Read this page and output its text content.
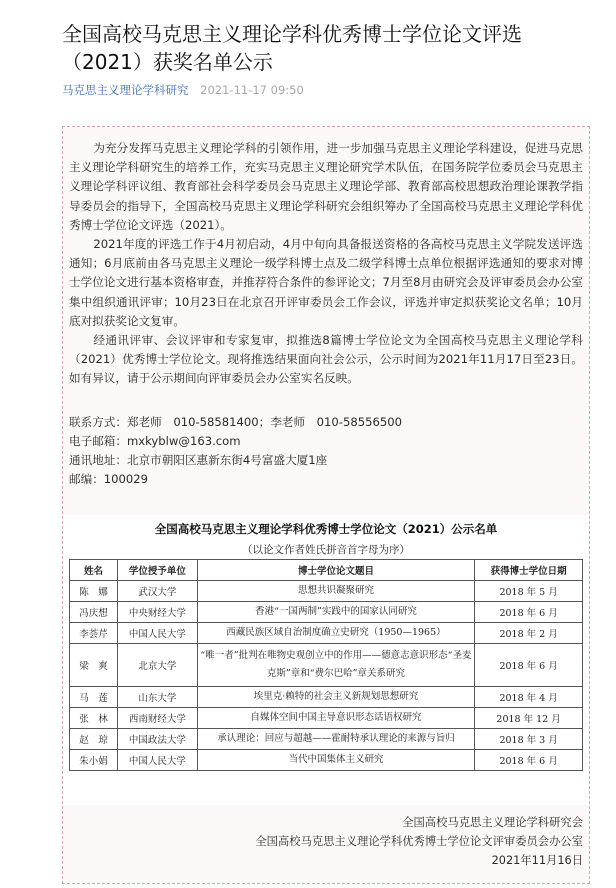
全国高校马克思主义理论学科优秀博士学位论文评选（2021）获奖名单公示
马克思主义理论学科研究 2021-11-17 09:50

为充分发挥马克思主义理论学科的引领作用，进一步加强马克思主义理论学科建设，促进马克思主义理论学科研究生的培养工作，充实马克思主义理论研究学术队伍，在国务院学位委员会马克思主义理论学科评议组、教育部社会科学委员会马克思主义理论学部、教育部高校思想政治理论课教学指导委员会的指导下，全国高校马克思主义理论学科研究会组织筹办了全国高校马克思主义理论学科优秀博士学位论文评选（2021）。

2021年度的评选工作于4月初启动，4月中旬向具备报送资格的各高校马克思主义学院发送评选通知；6月底前由各马克思主义理论一级学科博士点及二级学科博士点单位根据评选通知的要求对博士学位论文进行基本资格审查，并推荐符合条件的参评论文；7月至8月由研究会及评审委员会办公室集中组织通讯评审；10月23日在北京召开评审委员会工作会议，评选并审定拟获奖论文名单；10月底对拟获奖论文复审。

经通讯评审、会议评审和专家复审，拟推选8篇博士学位论文为全国高校马克思主义理论学科（2021）优秀博士学位论文。现将推选结果面向社会公示，公示时间为2021年11月17日至23日。如有异议，请于公示期间向评审委员会办公室实名反映。

联系方式：郑老师　010-58581400；李老师　010-58556500
电子邮箱：mxkyblw@163.com
通讯地址：北京市朝阳区惠新东街4号富盛大厦1座
邮编：100029
全国高校马克思主义理论学科优秀博士学位论文（2021）公示名单
（以论文作者姓氏拼音首字母为序）
姓名	学位授予单位	博士学位论文题目	获得博士学位日期
陈　娜	武汉大学	思想共识凝聚研究	2018 年 5 月
冯庆想	中央财经大学	香港“一国两制”实践中的国家认同研究	2018 年 6 月
李荟芹	中国人民大学	西藏民族区域自治制度确立史研究（1950—1965）	2018 年 2 月
梁　爽	北京大学	“唯一者”批判在唯物史观创立中的作用——德意志意识形态“圣麦克斯”章和“费尔巴哈”章关系研究	2018 年 6 月
马　莲	山东大学	埃里克·赖特的社会主义新规划思想研究	2018 年 4 月
张　林	西南财经大学	自媒体空间中国主导意识形态话语权研究	2018 年 12 月
赵　琼	中国政法大学	承认理论：回应与超越——霍耐特承认理论的来源与旨归	2018 年 3 月
朱小娟	中国人民大学	当代中国集体主义研究	2018 年 6 月
全国高校马克思主义理论学科研究会
全国高校马克思主义理论学科优秀博士学位论文评审委员会办公室
2021年11月16日
